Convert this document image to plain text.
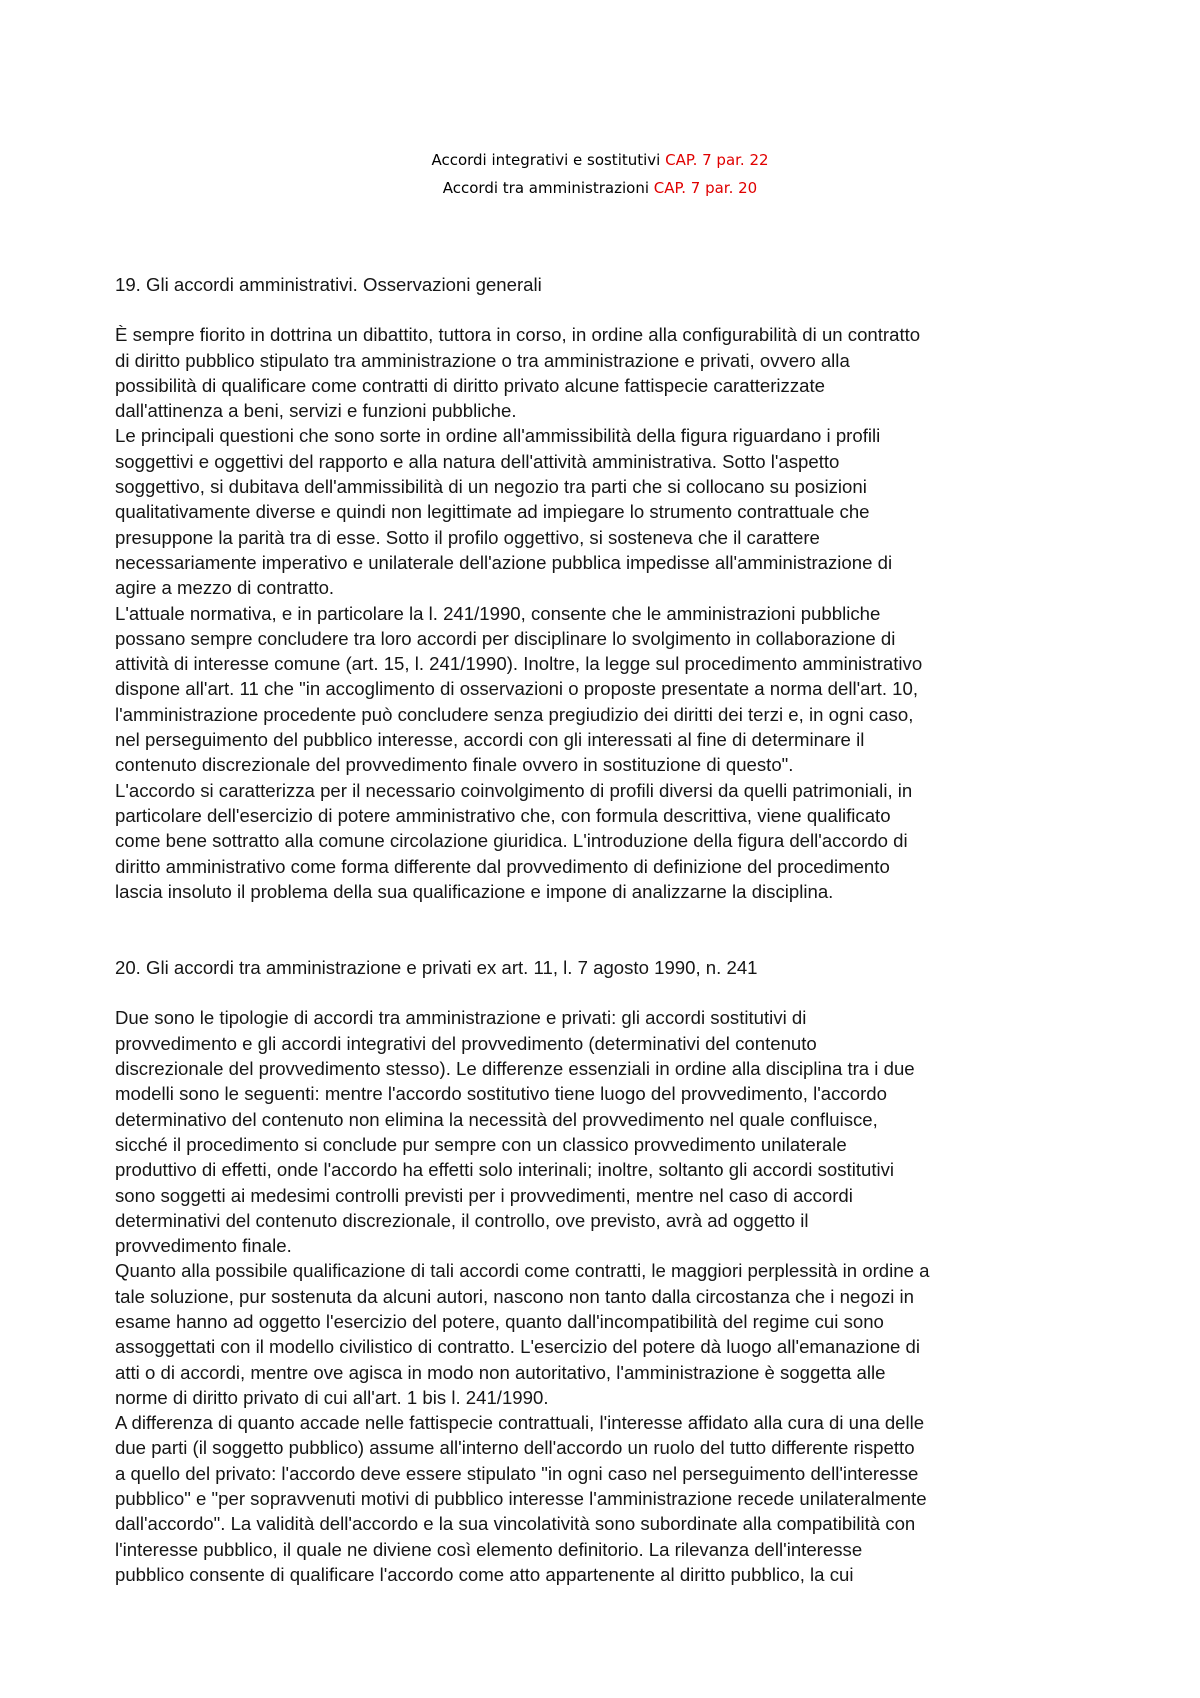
Accordi integrativi e sostitutivi CAP. 7 par. 22
Accordi tra amministrazioni CAP. 7 par. 20
19. Gli accordi amministrativi. Osservazioni generali

È sempre fiorito in dottrina un dibattito, tuttora in corso, in ordine alla configurabilità di un contratto
di diritto pubblico stipulato tra amministrazione o tra amministrazione e privati, ovvero alla
possibilità di qualificare come contratti di diritto privato alcune fattispecie caratterizzate
dall'attinenza a beni, servizi e funzioni pubbliche.

Le principali questioni che sono sorte in ordine all'ammissibilità della figura riguardano i profili
soggettivi e oggettivi del rapporto e alla natura dell'attività amministrativa. Sotto l'aspetto
soggettivo, si dubitava dell'ammissibilità di un negozio tra parti che si collocano su posizioni
qualitativamente diverse e quindi non legittimate ad impiegare lo strumento contrattuale che
presuppone la parità tra di esse. Sotto il profilo oggettivo, si sosteneva che il carattere
necessariamente imperativo e unilaterale dell'azione pubblica impedisse all'amministrazione di
agire a mezzo di contratto.

L'attuale normativa, e in particolare la l. 241/1990, consente che le amministrazioni pubbliche
possano sempre concludere tra loro accordi per disciplinare lo svolgimento in collaborazione di
attività di interesse comune (art. 15, l. 241/1990). Inoltre, la legge sul procedimento amministrativo
dispone all'art. 11 che "in accoglimento di osservazioni o proposte presentate a norma dell'art. 10,
l'amministrazione procedente può concludere senza pregiudizio dei diritti dei terzi e, in ogni caso,
nel perseguimento del pubblico interesse, accordi con gli interessati al fine di determinare il
contenuto discrezionale del provvedimento finale ovvero in sostituzione di questo".

L'accordo si caratterizza per il necessario coinvolgimento di profili diversi da quelli patrimoniali, in
particolare dell'esercizio di potere amministrativo che, con formula descrittiva, viene qualificato
come bene sottratto alla comune circolazione giuridica. L'introduzione della figura dell'accordo di
diritto amministrativo come forma differente dal provvedimento di definizione del procedimento
lascia insoluto il problema della sua qualificazione e impone di analizzarne la disciplina.

20. Gli accordi tra amministrazione e privati ex art. 11, l. 7 agosto 1990, n. 241

Due sono le tipologie di accordi tra amministrazione e privati: gli accordi sostitutivi di
provvedimento e gli accordi integrativi del provvedimento (determinativi del contenuto
discrezionale del provvedimento stesso). Le differenze essenziali in ordine alla disciplina tra i due
modelli sono le seguenti: mentre l'accordo sostitutivo tiene luogo del provvedimento, l'accordo
determinativo del contenuto non elimina la necessità del provvedimento nel quale confluisce,
sicché il procedimento si conclude pur sempre con un classico provvedimento unilaterale
produttivo di effetti, onde l'accordo ha effetti solo interinali; inoltre, soltanto gli accordi sostitutivi
sono soggetti ai medesimi controlli previsti per i provvedimenti, mentre nel caso di accordi
determinativi del contenuto discrezionale, il controllo, ove previsto, avrà ad oggetto il
provvedimento finale.

Quanto alla possibile qualificazione di tali accordi come contratti, le maggiori perplessità in ordine a
tale soluzione, pur sostenuta da alcuni autori, nascono non tanto dalla circostanza che i negozi in
esame hanno ad oggetto l'esercizio del potere, quanto dall'incompatibilità del regime cui sono
assoggettati con il modello civilistico di contratto. L'esercizio del potere dà luogo all'emanazione di
atti o di accordi, mentre ove agisca in modo non autoritativo, l'amministrazione è soggetta alle
norme di diritto privato di cui all'art. 1 bis l. 241/1990.

A differenza di quanto accade nelle fattispecie contrattuali, l'interesse affidato alla cura di una delle
due parti (il soggetto pubblico) assume all'interno dell'accordo un ruolo del tutto differente rispetto
a quello del privato: l'accordo deve essere stipulato "in ogni caso nel perseguimento dell'interesse
pubblico" e "per sopravvenuti motivi di pubblico interesse l'amministrazione recede unilateralmente
dall'accordo". La validità dell'accordo e la sua vincolatività sono subordinate alla compatibilità con
l'interesse pubblico, il quale ne diviene così elemento definitorio. La rilevanza dell'interesse
pubblico consente di qualificare l'accordo come atto appartenente al diritto pubblico, la cui
